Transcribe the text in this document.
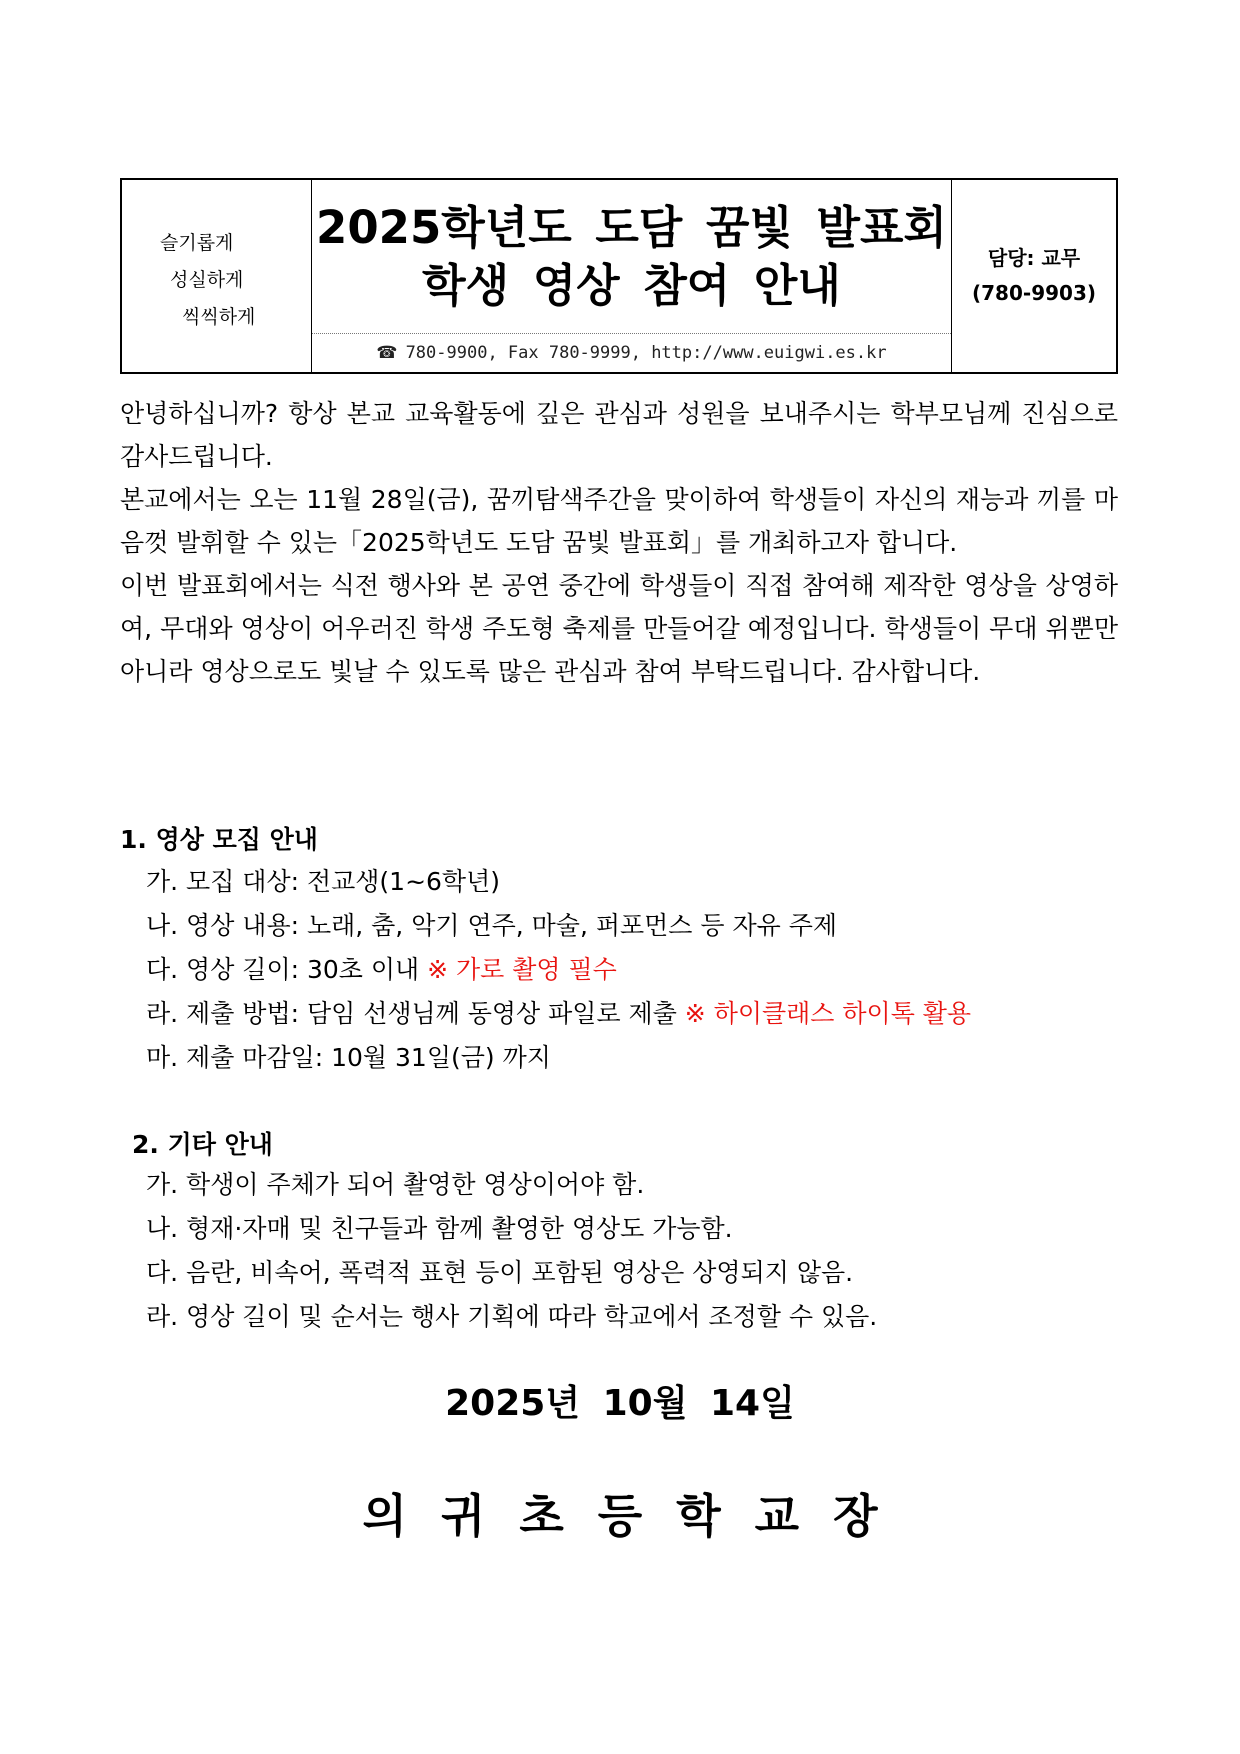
슬기롭게
성실하게
씩씩하게
2025학년도 도담 꿈빛 발표회
학생 영상 참여 안내
☎ 780-9900, Fax 780-9999, http://www.euigwi.es.kr
담당: 교무
(780-9903)

안녕하십니까? 항상 본교 교육활동에 깊은 관심과 성원을 보내주시는 학부모님께 진심으로 감사드립니다.

본교에서는 오는 11월 28일(금), 꿈끼탐색주간을 맞이하여 학생들이 자신의 재능과 끼를 마음껏 발휘할 수 있는「2025학년도 도담 꿈빛 발표회」를 개최하고자 합니다.

이번 발표회에서는 식전 행사와 본 공연 중간에 학생들이 직접 참여해 제작한 영상을 상영하여, 무대와 영상이 어우러진 학생 주도형 축제를 만들어갈 예정입니다. 학생들이 무대 위뿐만 아니라 영상으로도 빛날 수 있도록 많은 관심과 참여 부탁드립니다. 감사합니다.

1. 영상 모집 안내
가. 모집 대상: 전교생(1~6학년)
나. 영상 내용: 노래, 춤, 악기 연주, 마술, 퍼포먼스 등 자유 주제
다. 영상 길이: 30초 이내 ※ 가로 촬영 필수
라. 제출 방법: 담임 선생님께 동영상 파일로 제출 ※ 하이클래스 하이톡 활용
마. 제출 마감일: 10월 31일(금) 까지
2. 기타 안내
가. 학생이 주체가 되어 촬영한 영상이어야 함.
나. 형재·자매 및 친구들과 함께 촬영한 영상도 가능함.
다. 음란, 비속어, 폭력적 표현 등이 포함된 영상은 상영되지 않음.
라. 영상 길이 및 순서는 행사 기획에 따라 학교에서 조정할 수 있음.
2025년 10월 14일
의귀초등학교장
